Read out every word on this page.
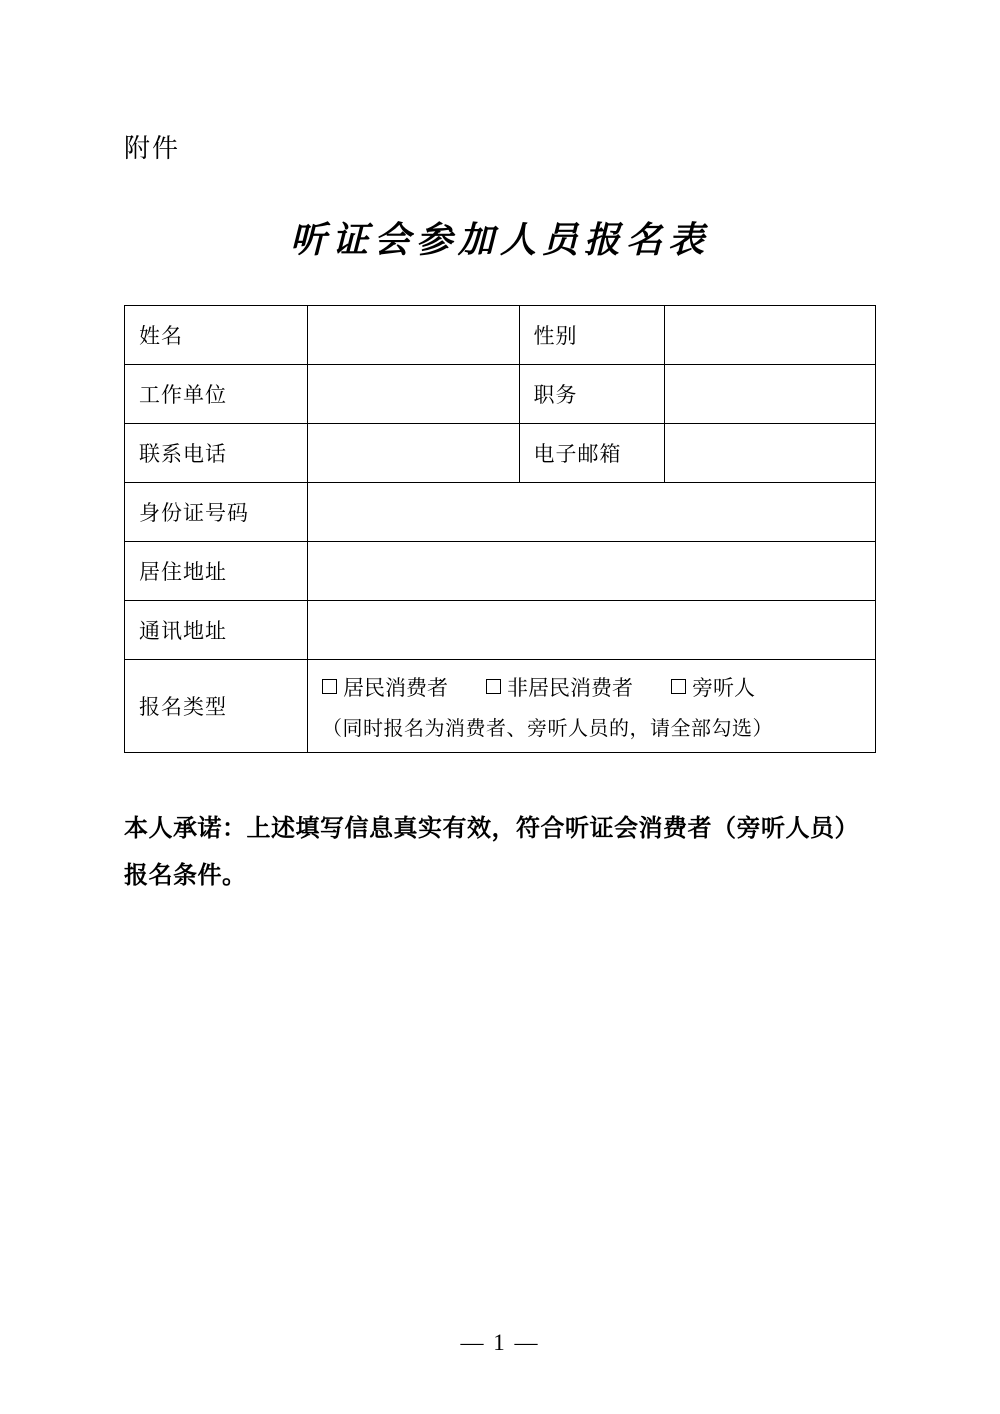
附件
听证会参加人员报名表
姓名		性别	
工作单位		职务	
联系电话		电子邮箱	
身份证号码			
居住地址			
通讯地址			
报名类型	居民消费者 非居民消费者 旁听人
（同时报名为消费者、旁听人员的，请全部勾选）		
本人承诺：上述填写信息真实有效，符合听证会消费者（旁听人员）报名条件。
— 1 —
